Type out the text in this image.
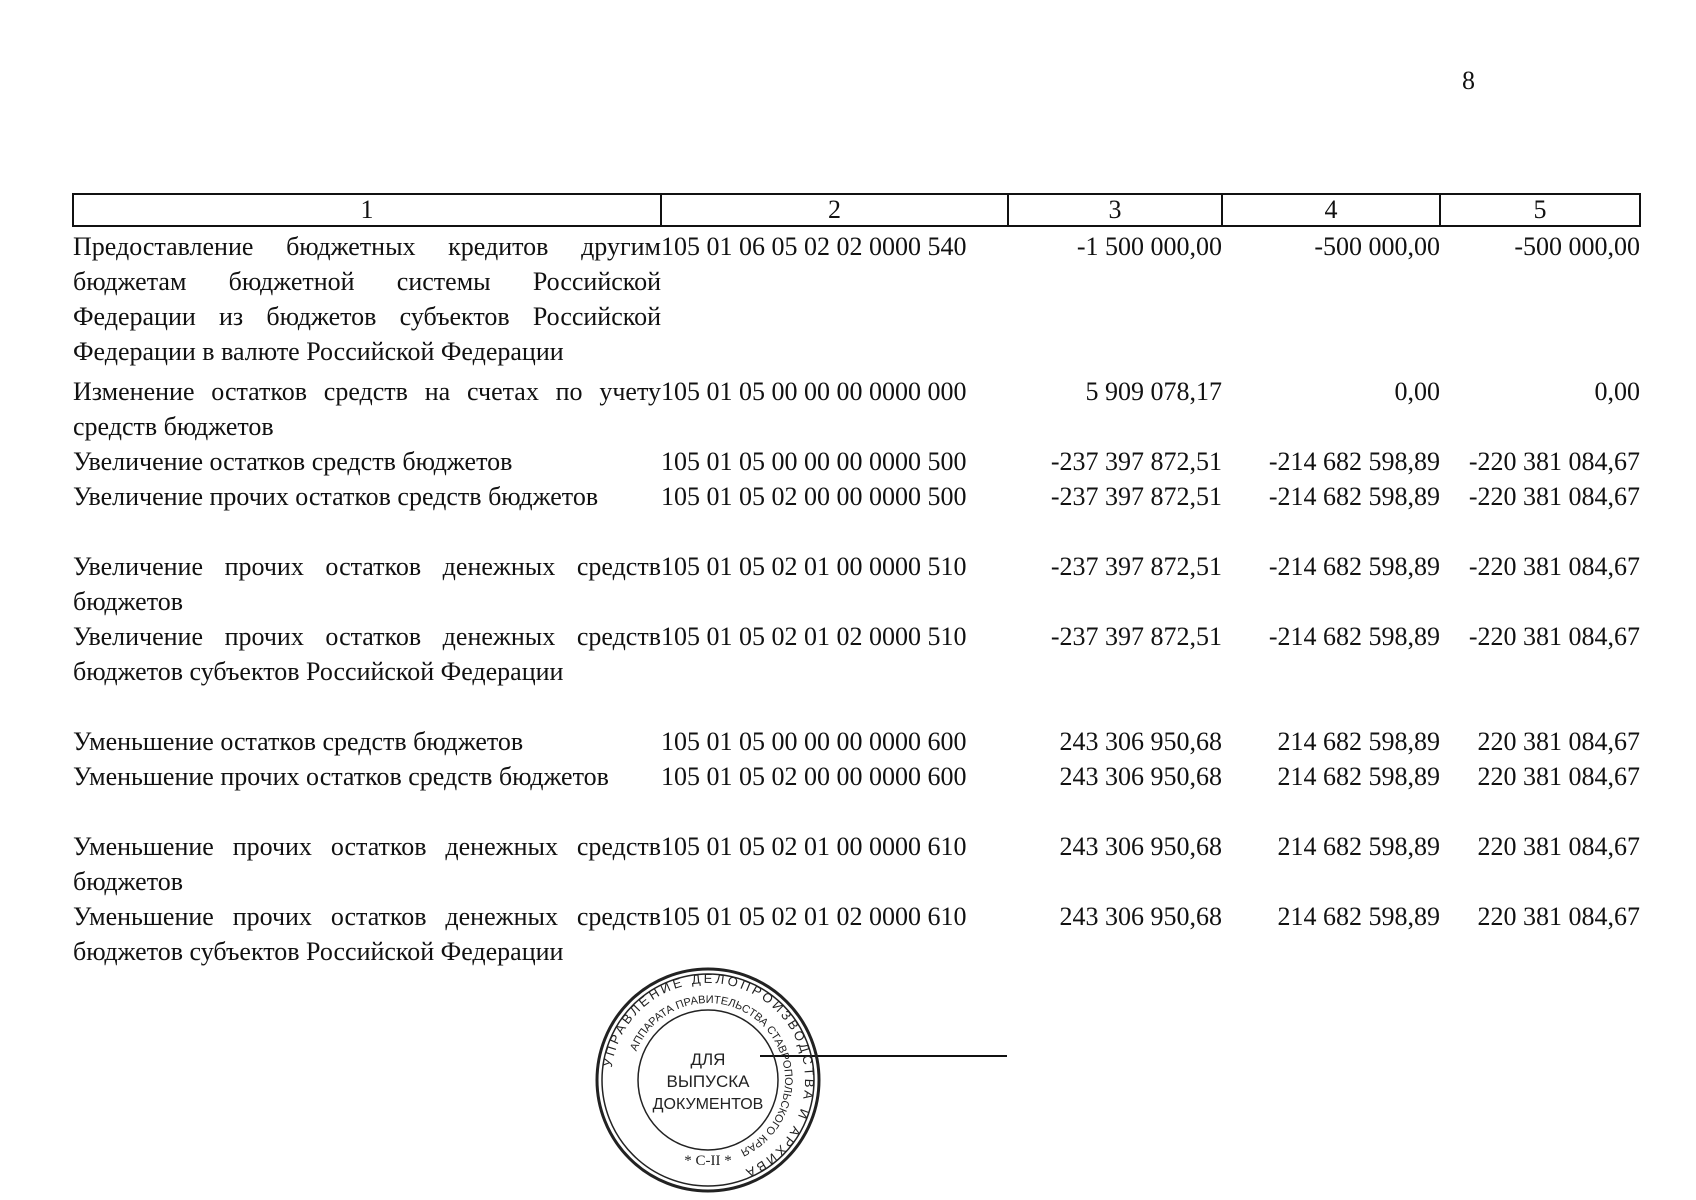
8
1	2	3	4	5
Предоставление бюджетных кредитов другим бюджетам бюджетной системы Российской Федерации из бюджетов субъектов Российской Федерации в валюте Российской Федерации	105 01 06 05 02 02 0000 540	-1 500 000,00	-500 000,00	-500 000,00
Изменение остатков средств на счетах по учету средств бюджетов	105 01 05 00 00 00 0000 000	5 909 078,17	0,00	0,00
Увеличение остатков средств бюджетов	105 01 05 00 00 00 0000 500	-237 397 872,51	-214 682 598,89	-220 381 084,67
Увеличение прочих остатков средств бюджетов	105 01 05 02 00 00 0000 500	-237 397 872,51	-214 682 598,89	-220 381 084,67
Увеличение прочих остатков денежных средств бюджетов	105 01 05 02 01 00 0000 510	-237 397 872,51	-214 682 598,89	-220 381 084,67
Увеличение прочих остатков денежных средств бюджетов субъектов Российской Федерации	105 01 05 02 01 02 0000 510	-237 397 872,51	-214 682 598,89	-220 381 084,67
Уменьшение остатков средств бюджетов	105 01 05 00 00 00 0000 600	243 306 950,68	214 682 598,89	220 381 084,67
Уменьшение прочих остатков средств бюджетов	105 01 05 02 00 00 0000 600	243 306 950,68	214 682 598,89	220 381 084,67
Уменьшение прочих остатков денежных средств бюджетов	105 01 05 02 01 00 0000 610	243 306 950,68	214 682 598,89	220 381 084,67
Уменьшение прочих остатков денежных средств бюджетов субъектов Российской Федерации	105 01 05 02 01 02 0000 610	243 306 950,68	214 682 598,89	220 381 084,67
УПРАВЛЕНИЕ ДЕЛОПРОИЗВОДСТВА И АРХИВА
АППАРАТА ПРАВИТЕЛЬСТВА СТАВРОПОЛЬСКОГО КРАЯ
ДЛЯ
ВЫПУСКА
ДОКУМЕНТОВ
* С-II *
